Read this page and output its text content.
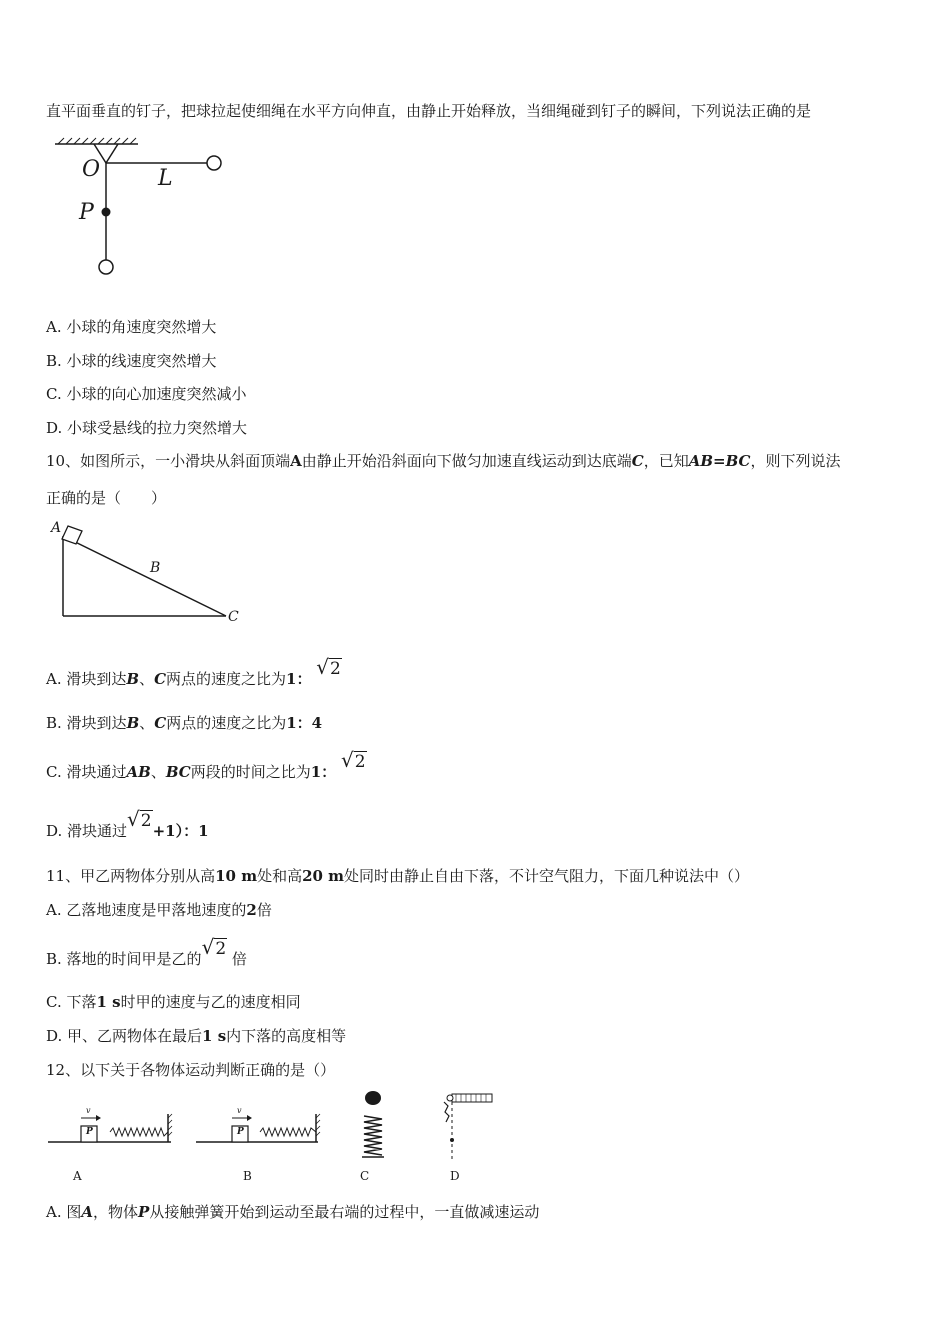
直平面垂直的钉子，把球拉起使细绳在水平方向伸直，由静止开始释放，当细绳碰到钉子的瞬间，下列说法正确的是
O	L
P
A. 小球的角速度突然增大
B. 小球的线速度突然增大
C. 小球的向心加速度突然减小
D. 小球受悬线的拉力突然增大
10、如图所示，一小滑块从斜面顶端A由静止开始沿斜面向下做匀加速直线运动到达底端C，已知AB=BC，则下列说法
正确的是（　　）
A
B
C
A. 滑块到达B、C两点的速度之比为1： √2
B. 滑块到达B、C两点的速度之比为1：4
C. 滑块通过AB、BC两段的时间之比为1： √2
D. 滑块通过√2+1）：1
11、甲乙两物体分别从高10 m处和高20 m处同时由静止自由下落，不计空气阻力，下面几种说法中（）
A. 乙落地速度是甲落地速度的2倍
B. 落地的时间甲是乙的√2 倍
C. 下落1 s时甲的速度与乙的速度相同
D. 甲、乙两物体在最后1 s内下落的高度相等
12、以下关于各物体运动判断正确的是（）
v
P
v
P
A	B	C	D
A. 图A，物体P从接触弹簧开始到运动至最右端的过程中，一直做减速运动
